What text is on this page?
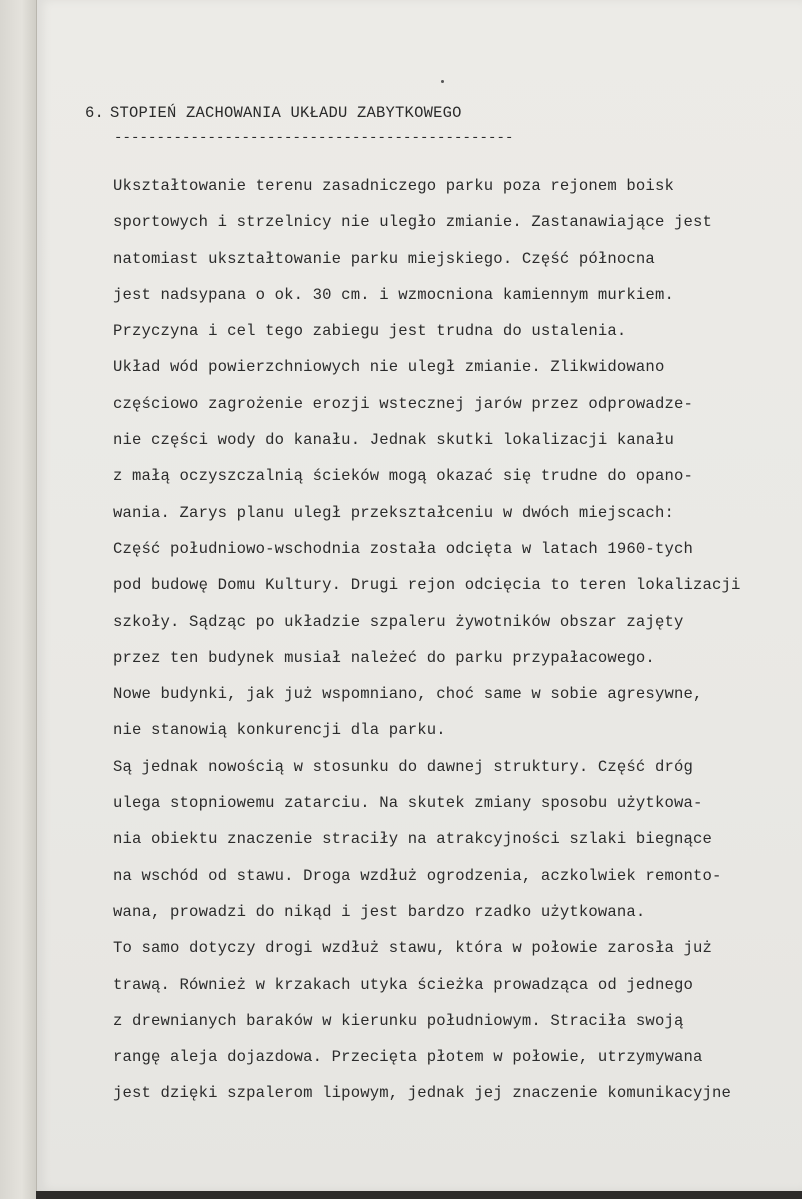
6. STOPIEŃ ZACHOWANIA UKŁADU ZABYTKOWEGO
-----------------------------------------------
Ukształtowanie terenu zasadniczego parku poza rejonem boisk
sportowych i strzelnicy nie uległo zmianie. Zastanawiające jest
natomiast ukształtowanie parku miejskiego. Część północna
jest nadsypana o ok. 30 cm. i wzmocniona kamiennym murkiem.
Przyczyna i cel tego zabiegu jest trudna do ustalenia.
Układ wód powierzchniowych nie uległ zmianie. Zlikwidowano
częściowo zagrożenie erozji wstecznej jarów przez odprowadze-
nie części wody do kanału. Jednak skutki lokalizacji kanału
z małą oczyszczalnią ścieków mogą okazać się trudne do opano-
wania. Zarys planu uległ przekształceniu w dwóch miejscach:
Część południowo-wschodnia została odcięta w latach 1960-tych
pod budowę Domu Kultury. Drugi rejon odcięcia to teren lokalizacji
szkoły. Sądząc po układzie szpaleru żywotników obszar zajęty
przez ten budynek musiał należeć do parku przypałacowego.
Nowe budynki, jak już wspomniano, choć same w sobie agresywne,
nie stanowią konkurencji dla parku.
Są jednak nowością w stosunku do dawnej struktury. Część dróg
ulega stopniowemu zatarciu. Na skutek zmiany sposobu użytkowa-
nia obiektu znaczenie straciły na atrakcyjności szlaki biegnące
na wschód od stawu. Droga wzdłuż ogrodzenia, aczkolwiek remonto-
wana, prowadzi do nikąd i jest bardzo rzadko użytkowana.
To samo dotyczy drogi wzdłuż stawu, która w połowie zarosła już
trawą. Również w krzakach utyka ścieżka prowadząca od jednego
z drewnianych baraków w kierunku południowym. Straciła swoją
rangę aleja dojazdowa. Przecięta płotem w połowie, utrzymywana
jest dzięki szpalerom lipowym, jednak jej znaczenie komunikacyjne
